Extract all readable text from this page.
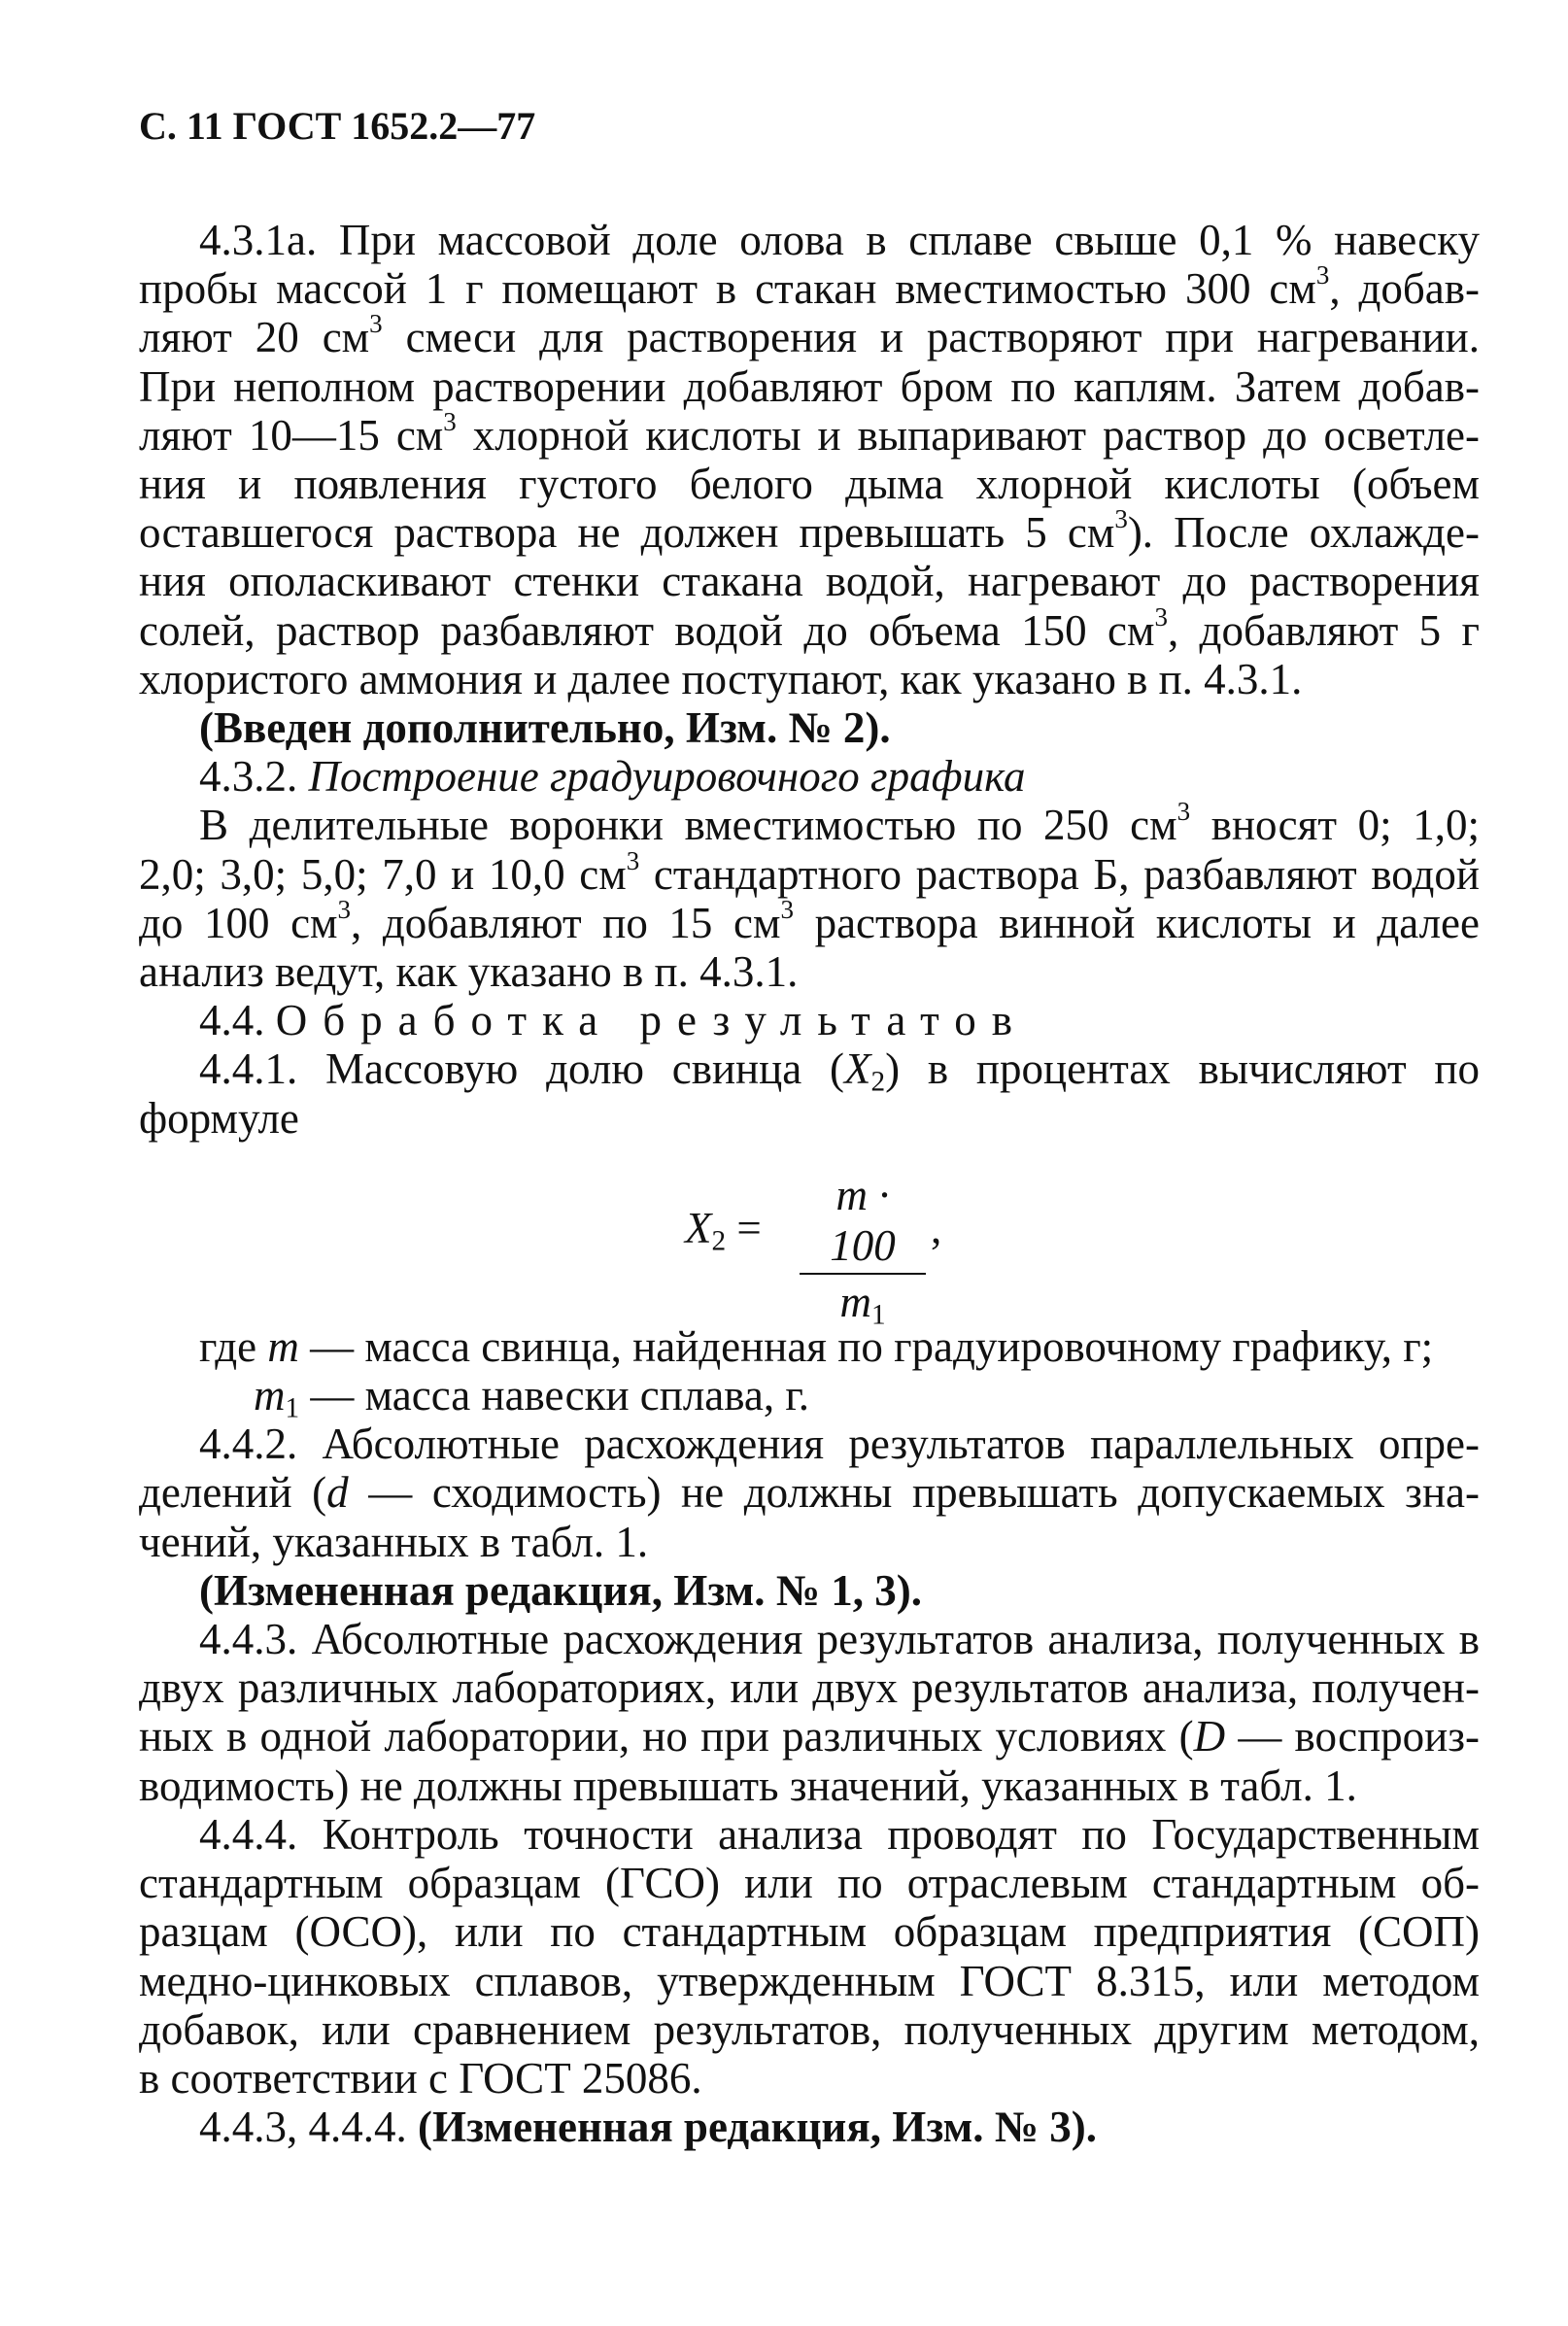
С. 11 ГОСТ 1652.2—77
4.3.1а. При массовой доле олова в сплаве свыше 0,1 % навеску
пробы массой 1 г помещают в стакан вместимостью 300 $см^3$, добав-
ляют 20 $см^3$ смеси для растворения и растворяют при нагревании.
При неполном растворении добавляют бром по каплям. Затем добав-
ляют 10—15 $см^3$ хлорной кислоты и выпаривают раствор до осветле-
ния и появления густого белого дыма хлорной кислоты (объем
оставшегося раствора не должен превышать 5 $см^3$). После охлажде-
ния ополаскивают стенки стакана водой, нагревают до растворения
солей, раствор разбавляют водой до объема 150 $см^3$, добавляют 5 г
хлористого аммония и далее поступают, как указано в п. 4.3.1.
(Введен дополнительно, Изм. № 2).
4.3.2. Построение градуировочного графика
В делительные воронки вместимостью по 250 $см^3$ вносят 0; 1,0;
2,0; 3,0; 5,0; 7,0 и 10,0 $см^3$ стандартного раствора Б, разбавляют водой
до 100 $см^3$, добавляют по 15 $см^3$ раствора винной кислоты и далее
анализ ведут, как указано в п. 4.3.1.
4.4. Обработка результатов
4.4.1. Массовую долю свинца $(X_2)$ в процентах вычисляют по
формуле
$X_2$ =
m · 100
$m_1$
,
где m — масса свинца, найденная по градуировочному графику, г;
$m_1$ — масса навески сплава, г.
4.4.2. Абсолютные расхождения результатов параллельных опре-
делений (d — сходимость) не должны превышать допускаемых зна-
чений, указанных в табл. 1.
(Измененная редакция, Изм. № 1, 3).
4.4.3. Абсолютные расхождения результатов анализа, полученных в
двух различных лабораториях, или двух результатов анализа, получен-
ных в одной лаборатории, но при различных условиях (D — воспроиз-
водимость) не должны превышать значений, указанных в табл. 1.
4.4.4. Контроль точности анализа проводят по Государственным
стандартным образцам (ГСО) или по отраслевым стандартным об-
разцам (ОСО), или по стандартным образцам предприятия (СОП)
медно-цинковых сплавов, утвержденным ГОСТ 8.315, или методом
добавок, или сравнением результатов, полученных другим методом,
в соответствии с ГОСТ 25086.
4.4.3, 4.4.4. (Измененная редакция, Изм. № 3).
